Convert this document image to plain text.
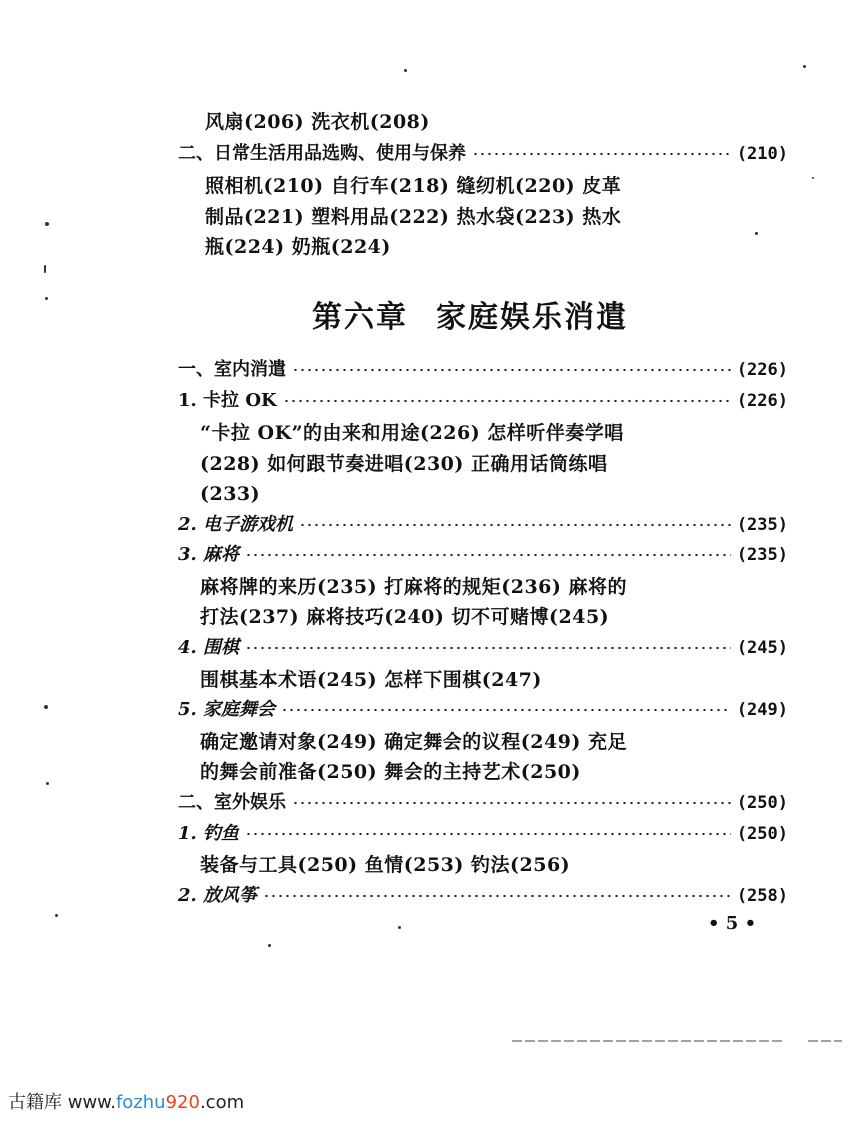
风扇(206) 洗衣机(208)
二、日常生活用品选购、使用与保养	(210)
照相机(210) 自行车(218) 缝纫机(220) 皮革
制品(221) 塑料用品(222) 热水袋(223) 热水
瓶(224) 奶瓶(224)
第六章 家庭娱乐消遣
一、室内消遣	(226)
1. 卡拉 OK	(226)
“卡拉 OK”的由来和用途(226) 怎样听伴奏学唱
(228) 如何跟节奏进唱(230) 正确用话筒练唱
(233)
2. 电子游戏机	(235)
3. 麻将	(235)
麻将牌的来历(235) 打麻将的规矩(236) 麻将的
打法(237) 麻将技巧(240) 切不可赌博(245)
4. 围棋	(245)
围棋基本术语(245) 怎样下围棋(247)
5. 家庭舞会	(249)
确定邀请对象(249) 确定舞会的议程(249) 充足
的舞会前准备(250) 舞会的主持艺术(250)
二、室外娱乐	(250)
1. 钓鱼	(250)
装备与工具(250) 鱼情(253) 钓法(256)
2. 放风筝	(258)
• 5 •
古籍库 www.fozhu920.com
